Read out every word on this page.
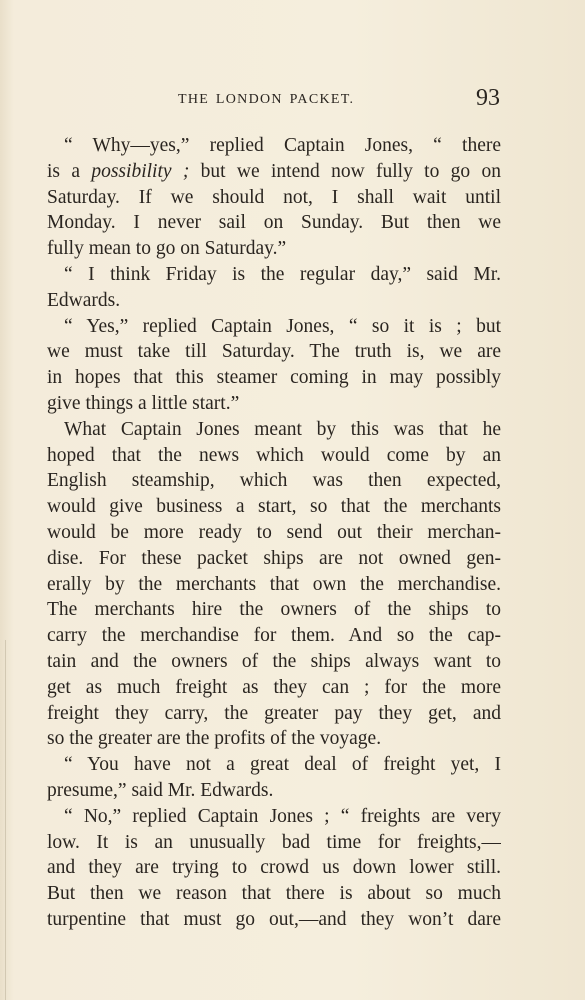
THE LONDON PACKET.	93
“ Why—yes,” replied Captain Jones, “ there
is a possibility ; but we intend now fully to go on
Saturday. If we should not, I shall wait until
Monday. I never sail on Sunday. But then we
fully mean to go on Saturday.”
“ I think Friday is the regular day,” said Mr.
Edwards.
“ Yes,” replied Captain Jones, “ so it is ; but
we must take till Saturday. The truth is, we are
in hopes that this steamer coming in may possibly
give things a little start.”
What Captain Jones meant by this was that he
hoped that the news which would come by an
English steamship, which was then expected,
would give business a start, so that the merchants
would be more ready to send out their merchan-
dise. For these packet ships are not owned gen-
erally by the merchants that own the merchandise.
The merchants hire the owners of the ships to
carry the merchandise for them. And so the cap-
tain and the owners of the ships always want to
get as much freight as they can ; for the more
freight they carry, the greater pay they get, and
so the greater are the profits of the voyage.
“ You have not a great deal of freight yet, I
presume,” said Mr. Edwards.
“ No,” replied Captain Jones ; “ freights are very
low. It is an unusually bad time for freights,—
and they are trying to crowd us down lower still.
But then we reason that there is about so much
turpentine that must go out,—and they won’t dare
